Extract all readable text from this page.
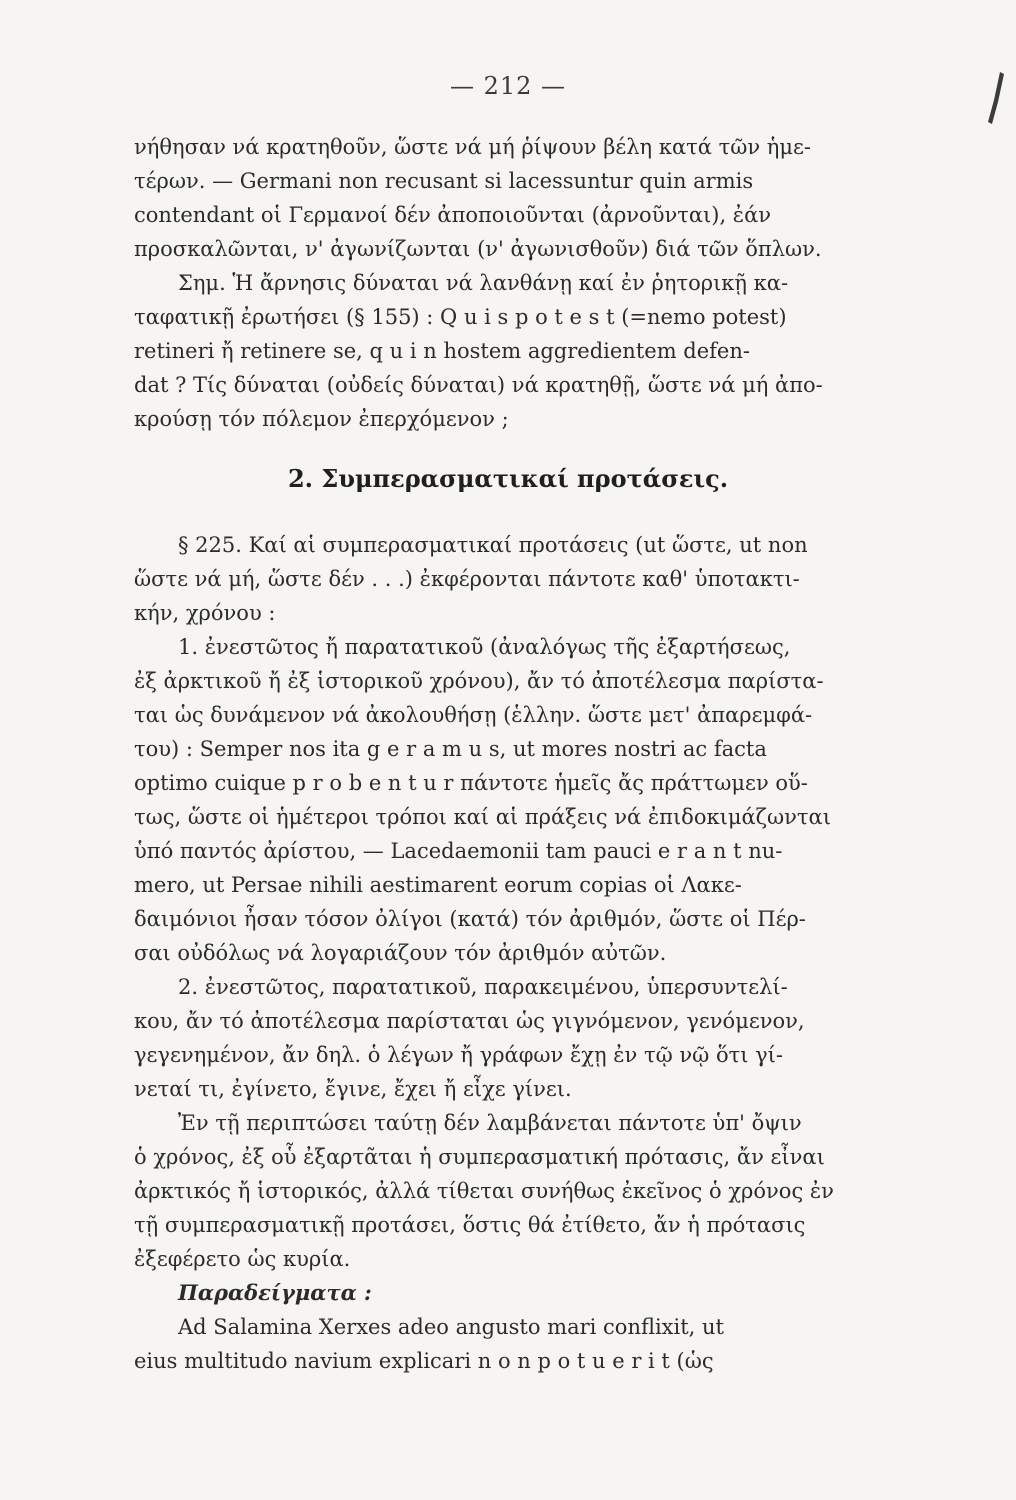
— 212 —
νήθησαν νά κρατηθοῦν, ὥστε νά μή ῥίψουν βέλη κατά τῶν ἡμε-
τέρων. — Germani non recusant si lacessuntur quin armis
contendant οἱ Γερμανοί δέν ἀποποιοῦνται (ἀρνοῦνται), ἐάν
προσκαλῶνται, ν' ἀγωνίζωνται (ν' ἀγωνισθοῦν) διά τῶν ὅπλων.
Σημ. Ἡ ἄρνησις δύναται νά λανθάνῃ καί ἐν ῥητορικῇ κα-
ταφατικῇ ἐρωτήσει (§ 155) : Q u i s p o t e s t (=nemo potest)
retineri ἤ retinere se, q u i n hostem aggredientem defen-
dat ? Τίς δύναται (οὐδείς δύναται) νά κρατηθῇ, ὥστε νά μή ἀπο-
κρούσῃ τόν πόλεμον ἐπερχόμενον ;
2. Συμπερασματικαί προτάσεις.
§ 225. Καί αἱ συμπερασματικαί προτάσεις (ut ὥστε, ut non
ὥστε νά μή, ὥστε δέν . . .) ἐκφέρονται πάντοτε καθ' ὑποτακτι-
κήν, χρόνου :
1. ἐνεστῶτος ἤ παρατατικοῦ (ἀναλόγως τῆς ἐξαρτήσεως,
ἐξ ἀρκτικοῦ ἤ ἐξ ἱστορικοῦ χρόνου), ἄν τό ἀποτέλεσμα παρίστα-
ται ὡς δυνάμενον νά ἀκολουθήσῃ (ἑλλην. ὥστε μετ' ἀπαρεμφά-
του) : Semper nos ita g e r a m u s, ut mores nostri ac facta
optimo cuique p r o b e n t u r πάντοτε ἡμεῖς ἄς πράττωμεν οὕ-
τως, ὥστε οἱ ἡμέτεροι τρόποι καί αἱ πράξεις νά ἐπιδοκιμάζωνται
ὑπό παντός ἀρίστου, — Lacedaemonii tam pauci e r a n t nu-
mero, ut Persae nihili aestimarent eorum copias οἱ Λακε-
δαιμόνιοι ἦσαν τόσον ὀλίγοι (κατά) τόν ἀριθμόν, ὥστε οἱ Πέρ-
σαι οὐδόλως νά λογαριάζουν τόν ἀριθμόν αὐτῶν.
2. ἐνεστῶτος, παρατατικοῦ, παρακειμένου, ὑπερσυντελί-
κου, ἄν τό ἀποτέλεσμα παρίσταται ὡς γιγνόμενον, γενόμενον,
γεγενημένον, ἄν δηλ. ὁ λέγων ἤ γράφων ἔχῃ ἐν τῷ νῷ ὅτι γί-
νεταί τι, ἐγίνετο, ἔγινε, ἔχει ἤ εἶχε γίνει.
Ἐν τῇ περιπτώσει ταύτῃ δέν λαμβάνεται πάντοτε ὑπ' ὄψιν
ὁ χρόνος, ἐξ οὗ ἐξαρτᾶται ἡ συμπερασματική πρότασις, ἄν εἶναι
ἀρκτικός ἤ ἱστορικός, ἀλλά τίθεται συνήθως ἐκεῖνος ὁ χρόνος ἐν
τῇ συμπερασματικῇ προτάσει, ὅστις θά ἐτίθετο, ἄν ἡ πρότασις
ἐξεφέρετο ὡς κυρία.
Παραδείγματα :
Ad Salamina Xerxes adeo angusto mari conflixit, ut
eius multitudo navium explicari n o n p o t u e r i t (ὡς
